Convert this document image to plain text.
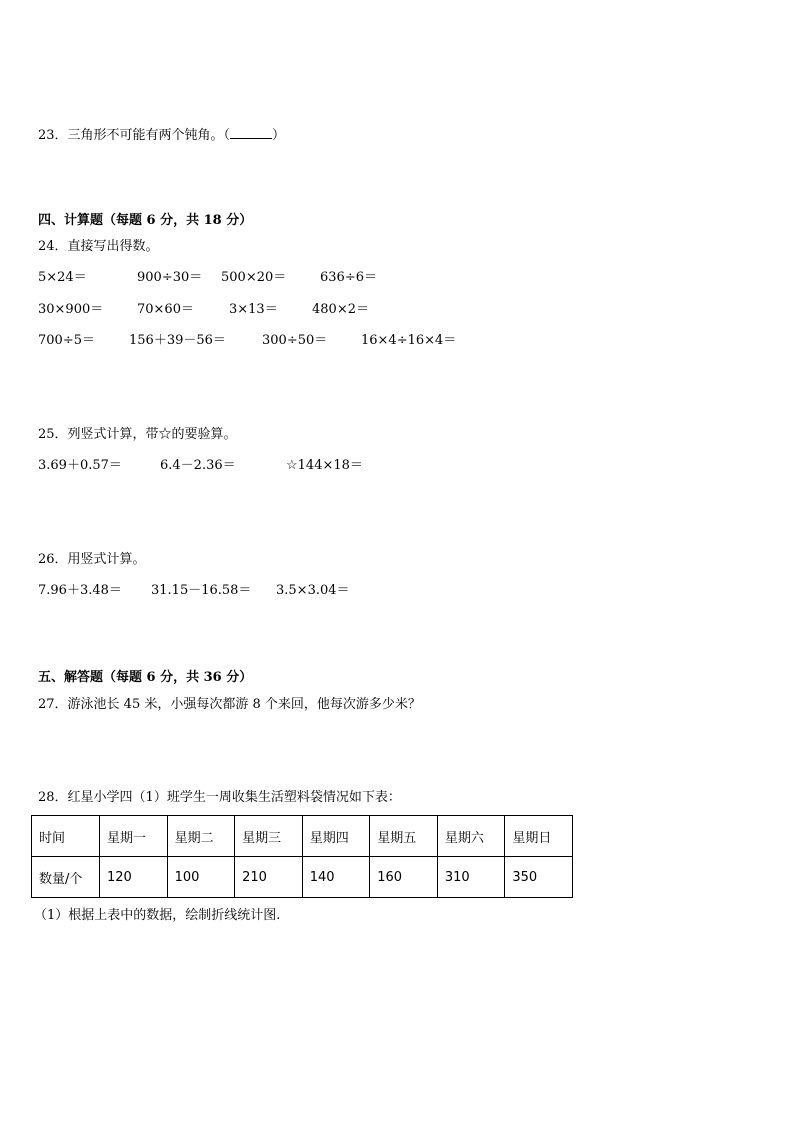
23．三角形不可能有两个钝角。（	）
四、计算题（每题 6 分，共 18 分）
24．直接写出得数。
5×24＝	900÷30＝ 500×20＝	636÷6＝
30×900＝	70×60＝	3×13＝	480×2＝
700÷5＝	156＋39－56＝	300÷50＝	16×4÷16×4＝
25．列竖式计算，带☆的要验算。
3.69＋0.57＝	6.4－2.36＝	☆144×18＝
26．用竖式计算。
7.96＋3.48＝ 31.15－16.58＝ 3.5×3.04＝
五、解答题（每题 6 分，共 36 分）
27．游泳池长 45 米，小强每次都游 8 个来回，他每次游多少米？
28．红星小学四（1）班学生一周收集生活塑料袋情况如下表：
时间	星期一	星期二	星期三	星期四	星期五	星期六	星期日
数量/个	120	100	210	140	160	310	350
（1）根据上表中的数据，绘制折线统计图.
